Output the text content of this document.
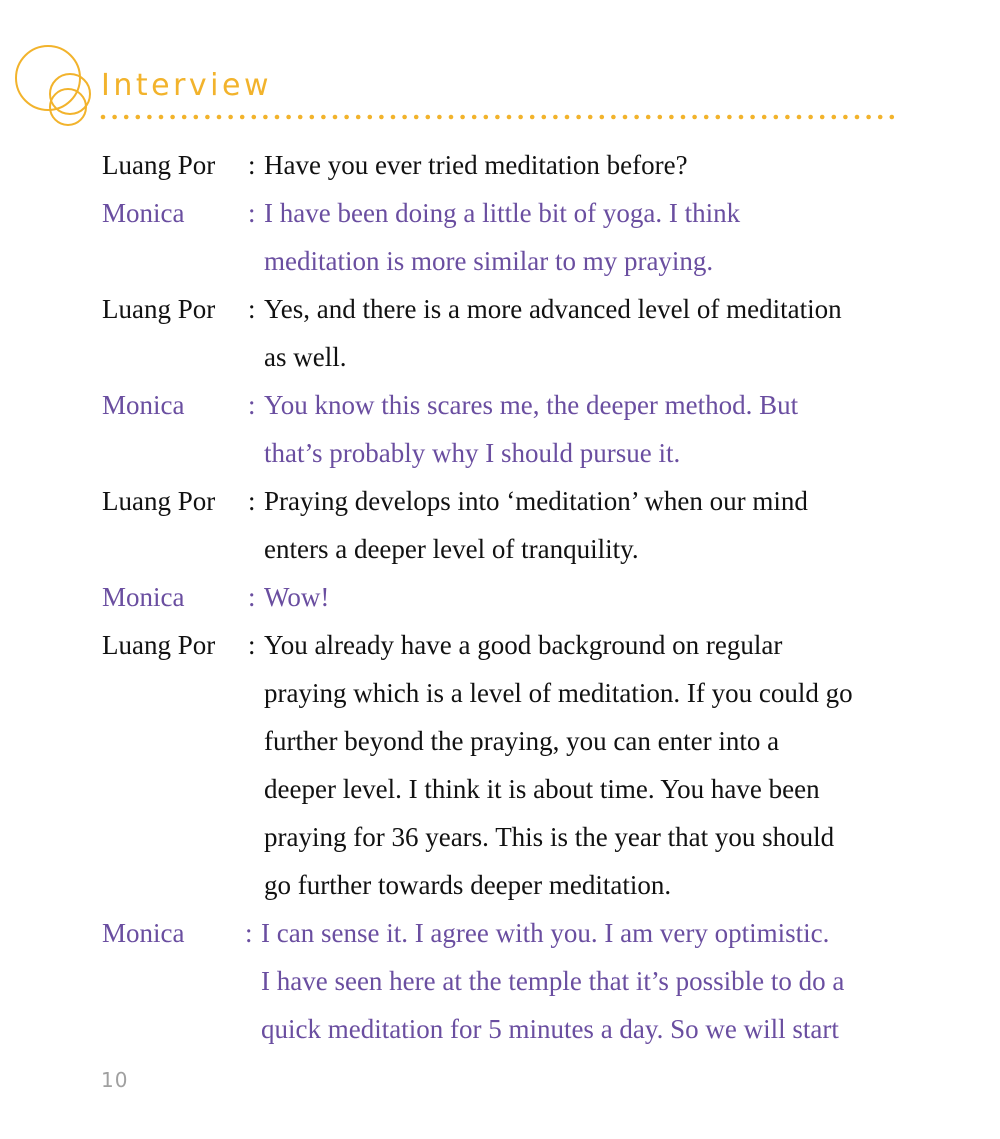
Interview
Luang Por	: Have you ever tried meditation before?
Monica	: I have been doing a little bit of yoga. I think
meditation is more similar to my praying.
Luang Por	: Yes, and there is a more advanced level of meditation
as well.
Monica	: You know this scares me, the deeper method. But
that’s probably why I should pursue it.
Luang Por	: Praying develops into ‘meditation’ when our mind
enters a deeper level of tranquility.
Monica	: Wow!
Luang Por	: You already have a good background on regular
praying which is a level of meditation. If you could go
further beyond the praying, you can enter into a
deeper level. I think it is about time. You have been
praying for 36 years. This is the year that you should
go further towards deeper meditation.
Monica	: I can sense it. I agree with you. I am very optimistic.
I have seen here at the temple that it’s possible to do a
quick meditation for 5 minutes a day. So we will start
10
